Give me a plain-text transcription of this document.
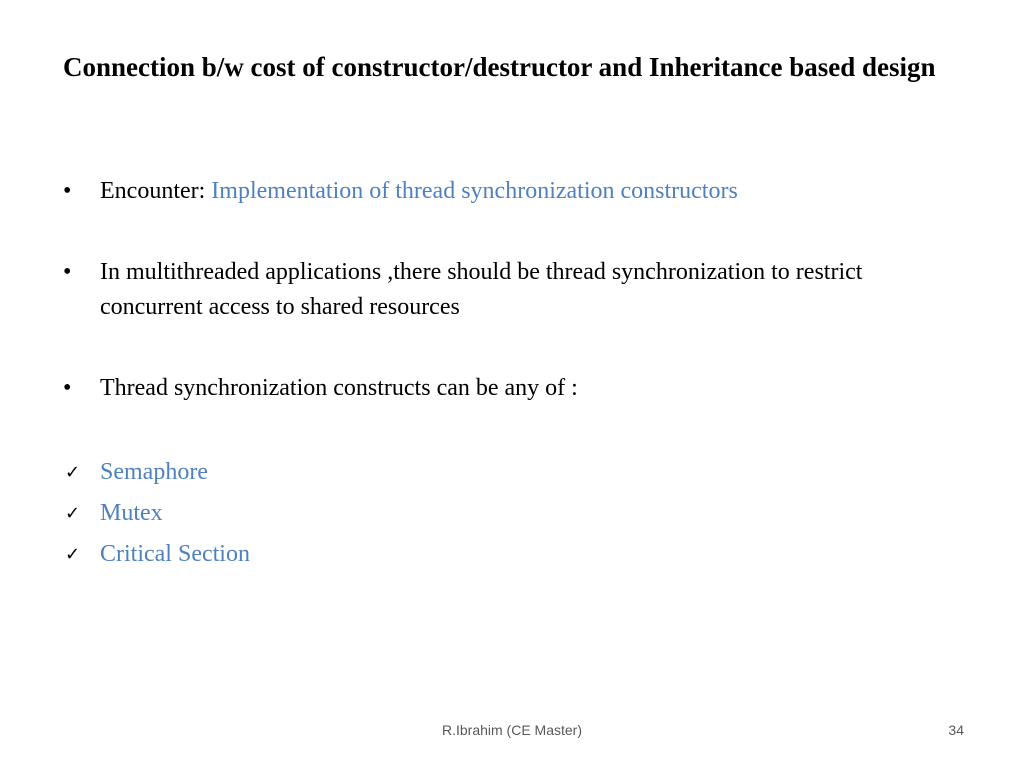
Connection b/w cost of constructor/destructor and Inheritance based design
• Encounter: Implementation of thread synchronization constructors
• In multithreaded applications ,there should be thread synchronization to restrict concurrent access to shared resources
• Thread synchronization constructs can be any of :
✓ Semaphore
✓ Mutex
✓ Critical Section
R.Ibrahim (CE Master)	34
